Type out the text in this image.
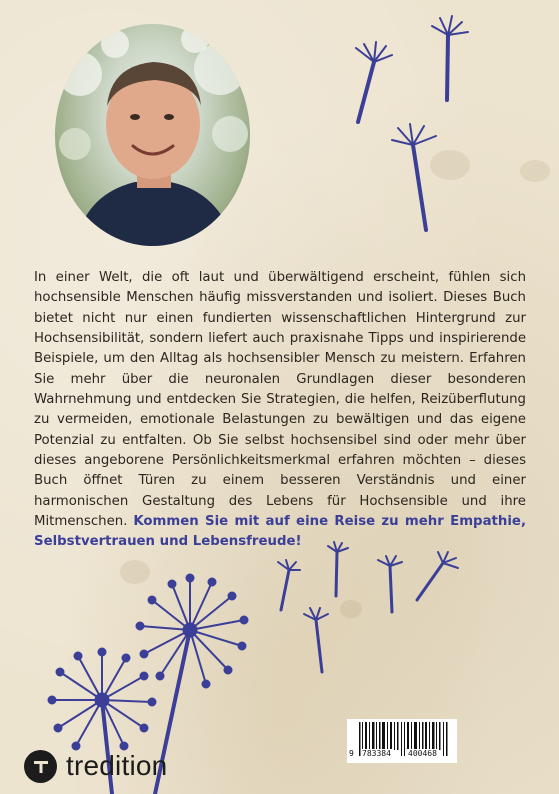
In einer Welt, die oft laut und überwältigend erscheint, fühlen sich hochsensible Menschen häufig missverstanden und isoliert. Dieses Buch bietet nicht nur einen fundierten wissenschaftlichen Hintergrund zur Hochsensibilität, sondern liefert auch praxisnahe Tipps und inspirierende Beispiele, um den Alltag als hochsensibler Mensch zu meistern. Erfahren Sie mehr über die neuronalen Grundlagen dieser besonderen Wahrnehmung und entdecken Sie Strategien, die helfen, Reizüberflutung zu vermeiden, emotionale Belastungen zu bewältigen und das eigene Potenzial zu entfalten. Ob Sie selbst hochsensibel sind oder mehr über dieses angeborene Persönlichkeitsmerkmal erfahren möchten – dieses Buch öffnet Türen zu einem besseren Verständnis und einer harmonischen Gestaltung des Lebens für Hochsensible und ihre Mitmenschen. Kommen Sie mit auf eine Reise zu mehr Empathie, Selbstvertrauen und Lebensfreude!

9 783384 400468
tredition
